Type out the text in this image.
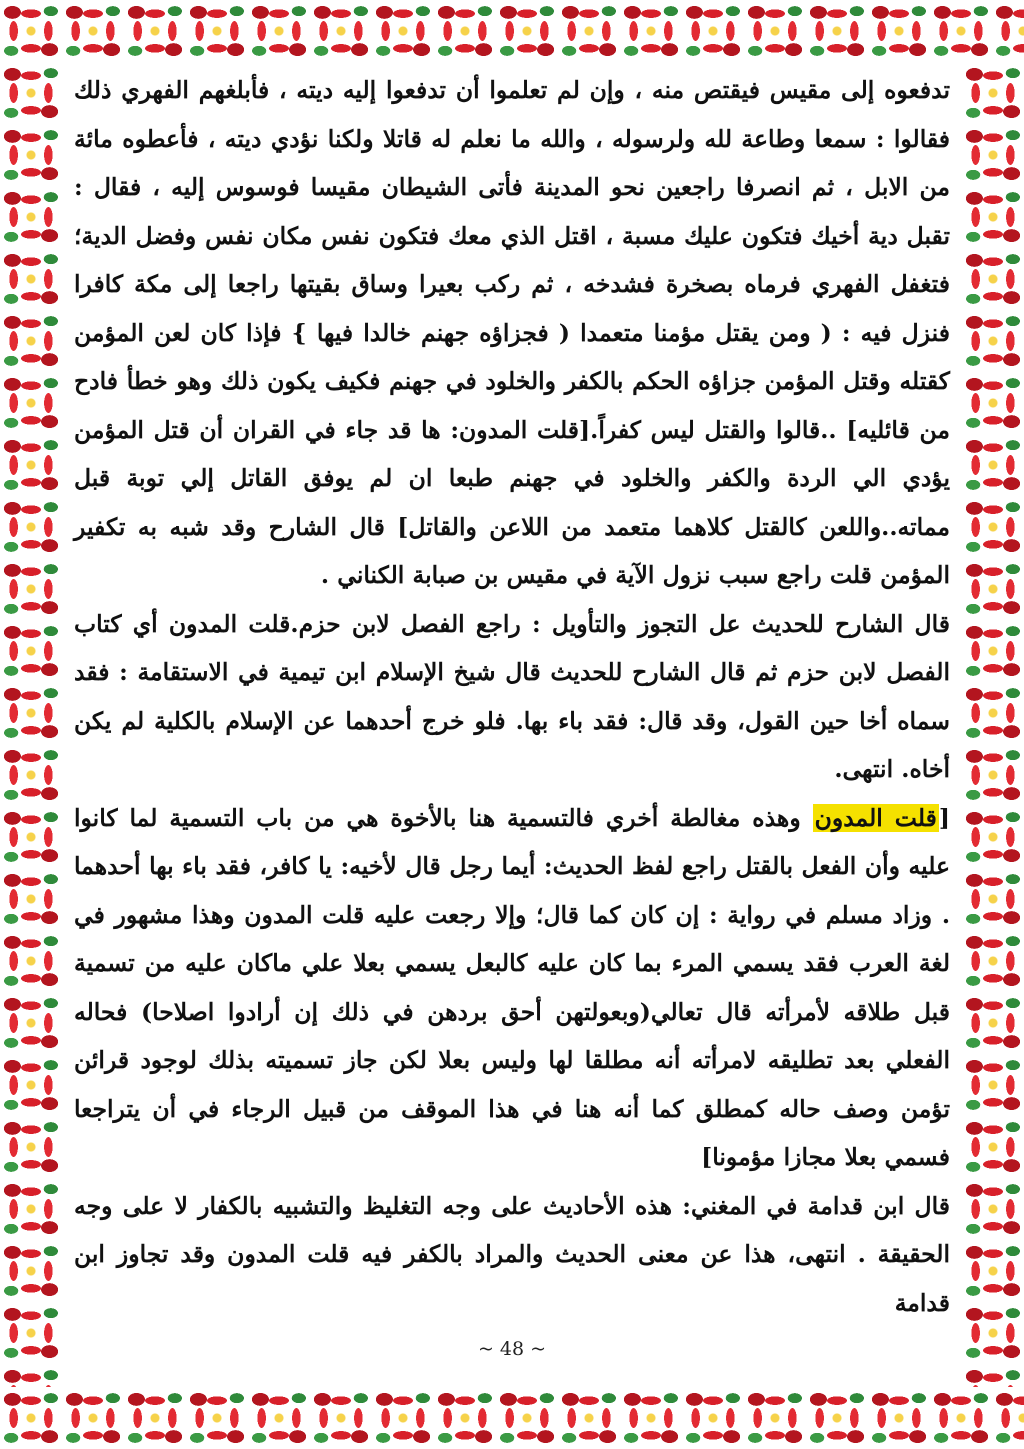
تدفعوه إلى مقيس فيقتص منه ، وإن لم تعلموا أن تدفعوا إليه ديته ، فأبلغهم الفهري ذلك فقالوا : سمعا وطاعة لله ولرسوله ، والله ما نعلم له قاتلا ولكنا نؤدي ديته ، فأعطوه مائة من الابل ، ثم انصرفا راجعين نحو المدينة فأتى الشيطان مقيسا فوسوس إليه ، فقال : تقبل دية أخيك فتكون عليك مسبة ، اقتل الذي معك فتكون نفس مكان نفس وفضل الدية؛ فتغفل الفهري فرماه بصخرة فشدخه ، ثم ركب بعيرا وساق بقيتها راجعا إلى مكة كافرا فنزل فيه : ( ومن يقتل مؤمنا متعمدا ( فجزاؤه جهنم خالدا فيها } فإذا كان لعن المؤمن كقتله وقتل المؤمن جزاؤه الحكم بالكفر والخلود في جهنم فكيف يكون ذلك وهو خطأ فادح من قائليه] ..قالوا والقتل ليس كفراً.[قلت المدون: ها قد جاء في القران أن قتل المؤمن يؤدي الي الردة والكفر والخلود في جهنم طبعا ان لم يوفق القاتل إلي توبة قبل مماته..واللعن كالقتل كلاهما متعمد من اللاعن والقاتل] قال الشارح وقد شبه به تكفير المؤمن قلت راجع سبب نزول الآية في مقيس بن صبابة الكناني .

قال الشارح للحديث عل التجوز والتأويل : راجع الفصل لابن حزم.قلت المدون أي كتاب الفصل لابن حزم ثم قال الشارح للحديث قال شيخ الإسلام ابن تيمية في الاستقامة : فقد سماه أخا حين القول، وقد قال: فقد باء بها. فلو خرج أحدهما عن الإسلام بالكلية لم يكن أخاه. انتهى.

[قلت المدون وهذه مغالطة أخري فالتسمية هنا بالأخوة هي من باب التسمية لما كانوا عليه وأن الفعل بالقتل راجع لفظ الحديث: أيما رجل قال لأخيه: يا كافر، فقد باء بها أحدهما . وزاد مسلم في رواية : إن كان كما قال؛ وإلا رجعت عليه قلت المدون وهذا مشهور في لغة العرب فقد يسمي المرء بما كان عليه كالبعل يسمي بعلا علي ماكان عليه من تسمية قبل طلاقه لأمرأته قال تعالي(وبعولتهن أحق بردهن في ذلك إن أرادوا اصلاحا) فحاله الفعلي بعد تطليقه لامرأته أنه مطلقا لها وليس بعلا لكن جاز تسميته بذلك لوجود قرائن تؤمن وصف حاله كمطلق كما أنه هنا في هذا الموقف من قبيل الرجاء في أن يتراجعا فسمي بعلا مجازا مؤمونا]

قال ابن قدامة في المغني: هذه الأحاديث على وجه التغليظ والتشبيه بالكفار لا على وجه الحقيقة . انتهى، هذا عن معنى الحديث والمراد بالكفر فيه قلت المدون وقد تجاوز ابن قدامة

~ 48 ~
